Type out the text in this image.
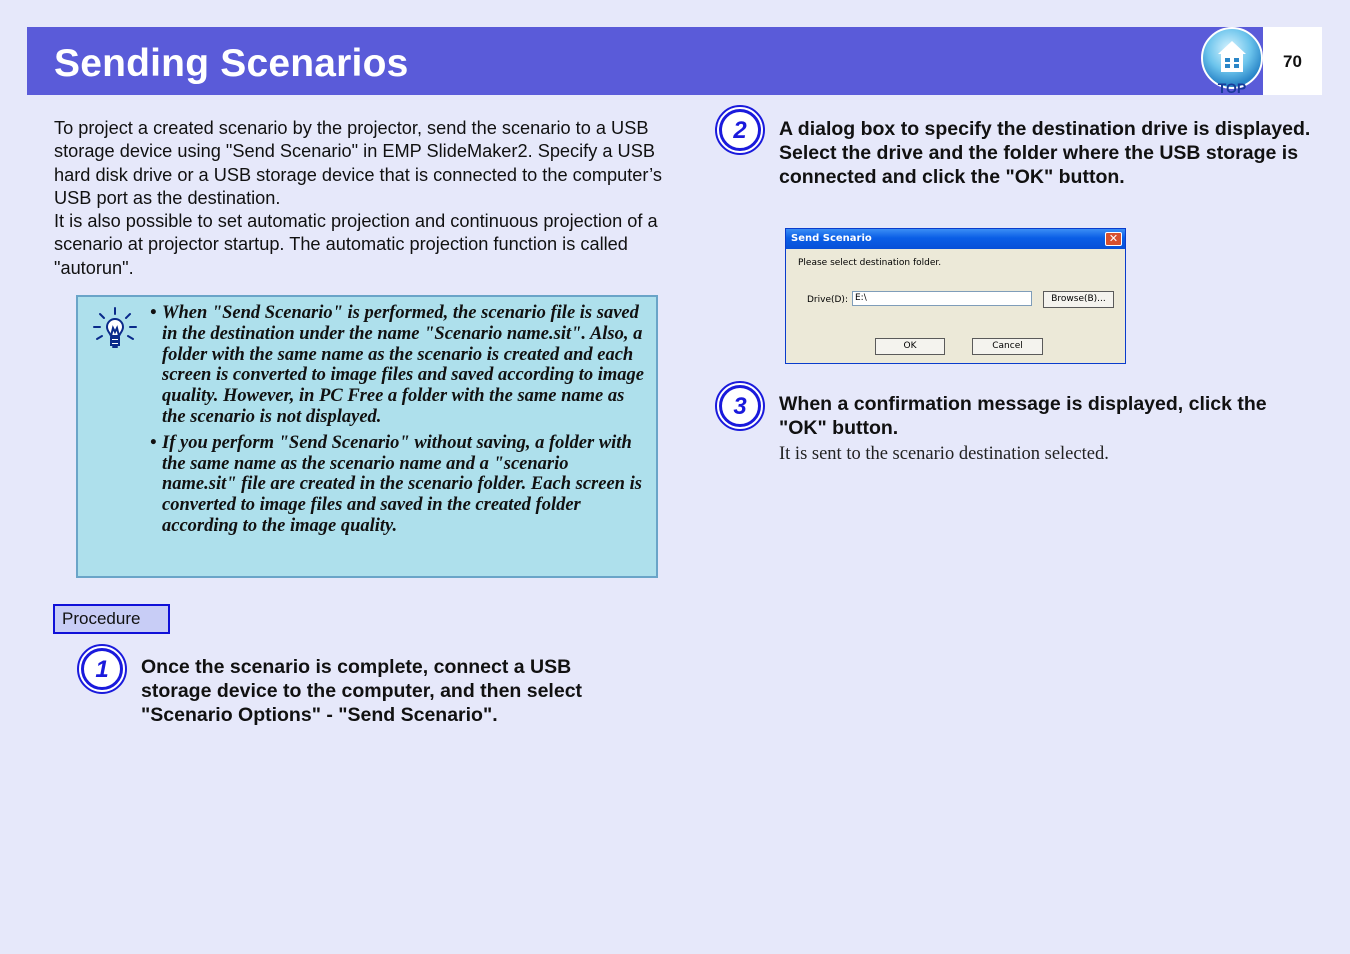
Sending Scenarios	70
TOP

To project a created scenario by the projector, send the scenario to a USB storage device using "Send Scenario" in EMP SlideMaker2. Specify a USB hard disk drive or a USB storage device that is connected to the computer’s USB port as the destination.

It is also possible to set automatic projection and continuous projection of a scenario at projector startup. The automatic projection function is called "autorun".

• When "Send Scenario" is performed, the scenario file is saved in the destination under the name "Scenario name.sit". Also, a folder with the same name as the scenario is created and each screen is converted to image files and saved according to image quality. However, in PC Free a folder with the same name as the scenario is not displayed.
• If you perform "Send Scenario" without saving, a folder with the same name as the scenario name and a "scenario name.sit" file are created in the scenario folder. Each screen is converted to image files and saved in the created folder according to the image quality.
Procedure
1 Once the scenario is complete, connect a USB storage device to the computer, and then select "Scenario Options" - "Send Scenario".
2 A dialog box to specify the destination drive is displayed. Select the drive and the folder where the USB storage is connected and click the "OK" button.
Send Scenario	✕
Please select destination folder.
Drive(D): E:\	Browse(B)...
OK	Cancel
3 When a confirmation message is displayed, click the "OK" button.
It is sent to the scenario destination selected.
